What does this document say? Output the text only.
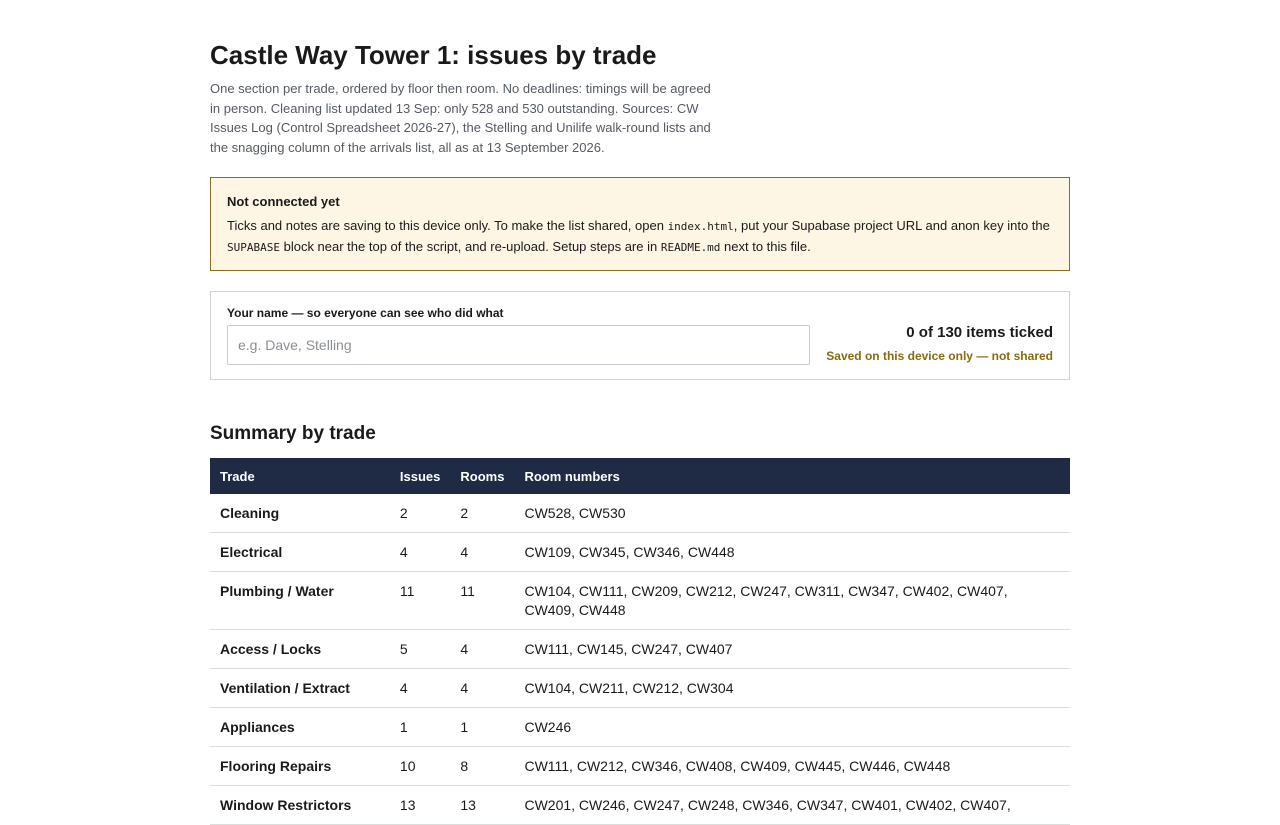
Castle Way Tower 1: issues by trade

One section per trade, ordered by floor then room. No deadlines: timings will be agreed in person. Cleaning list updated 13 Sep: only 528 and 530 outstanding. Sources: CW Issues Log (Control Spreadsheet 2026-27), the Stelling and Unilife walk-round lists and the snagging column of the arrivals list, all as at 13 September 2026.

Not connected yet
Ticks and notes are saving to this device only. To make the list shared, open index.html, put your Supabase project URL and anon key into the SUPABASE block near the top of the script, and re-upload. Setup steps are in README.md next to this file.
Your name — so everyone can see who did what
e.g. Dave, Stelling
0 of 130 items ticked
Saved on this device only — not shared
Summary by trade
Trade	Issues	Rooms	Room numbers
Cleaning	2	2	CW528, CW530
Electrical	4	4	CW109, CW345, CW346, CW448
Plumbing / Water	11	11	CW104, CW111, CW209, CW212, CW247, CW311, CW347, CW402, CW407, CW409, CW448
Access / Locks	5	4	CW111, CW145, CW247, CW407
Ventilation / Extract	4	4	CW104, CW211, CW212, CW304
Appliances	1	1	CW246
Flooring Repairs	10	8	CW111, CW212, CW346, CW408, CW409, CW445, CW446, CW448
Window Restrictors	13	13	CW201, CW246, CW247, CW248, CW346, CW347, CW401, CW402, CW407,
